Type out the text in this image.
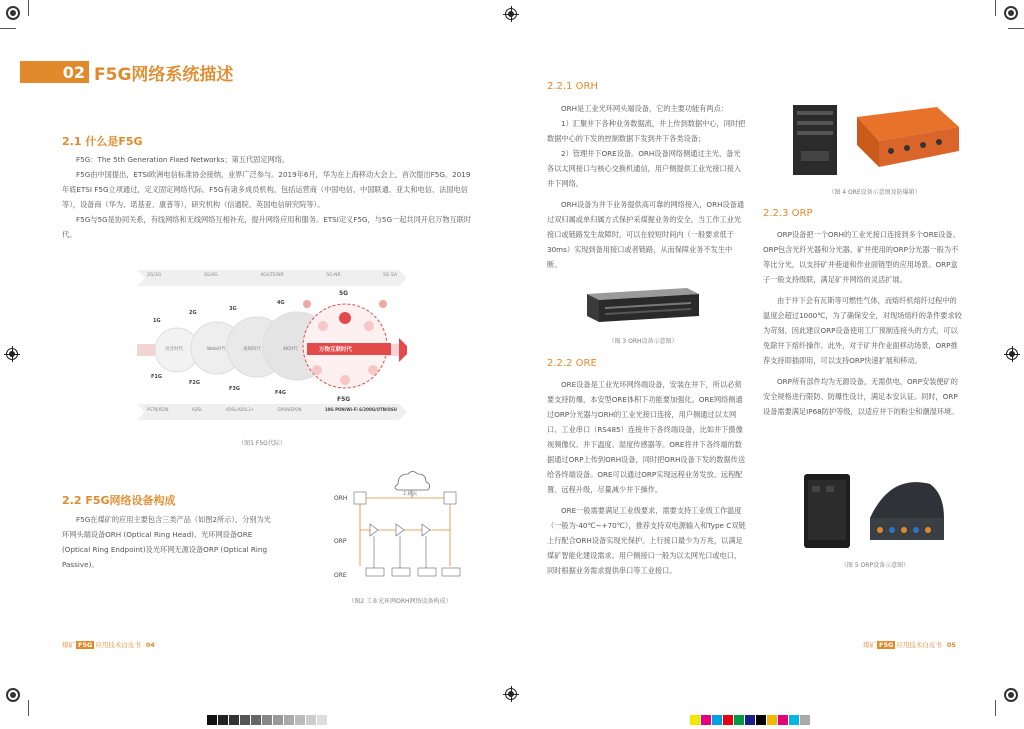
02 F5G网络系统描述
2.1 什么是F5G
F5G：The 5th Generation Fixed Networks；第五代固定网络。
F5G由中国提出，ETSI欧洲电信标准协会接纳，业界广泛参与。2019年6月，华为在上海移动大会上，首次提出F5G。2019年底ETSI F5G立项通过，定义固定网络代际。F5G有诸多成员机构，包括运营商（中国电信、中国联通、亚太和电信、法国电信等），设备商（华为、诺基亚、康普等），研究机构（信通院、英国电信研究院等）。
F5G与5G是协同关系，有线网络和无线网络互相补充，提升网络应用和服务。ETSI定义F5G，与5G一起共同开启万物互联时代。
2G/3G	3G/4G	4G/LTE/NR	5G-NR	5G SA
1G
2G
3G
4G
5G
F1G
F2G
F3G
F4G
F5G
语音时代	Web时代	视频时代	4K时代	万物互联时代
PSTN/ISDN	ADSL	VDSL/ADSL2+	GPON/EPON	10G PON/Wi-Fi 6/200G/OTN/OSU
（图1 F5G代际）
2.2 F5G网络设备构成
F5G在煤矿的应用主要包含三类产品（如图2所示），分别为光环网头端设备ORH (Optical Ring Head)、光环网设备ORE (Optical Ring Endpoint)及光环网无源设备ORP (Optical Ring Passive)。
工业云
ORH
ORP
ORE
（图2 工业光环网ORH网络设备构成）
煤矿 F5G 应用技术白皮书 04
2.2.1 ORH
ORH是工业光环网头端设备，它的主要功能有两点：
1）汇聚井下各种业务数据流，井上传到数据中心，同时把数据中心的下发的控制数据下发到井下各类设备；
2）管理井下ORE设备。ORH设备网络侧通过主光、备光各以太网接口与核心交换机通信，用户侧提供工业光接口接入井下网络。
ORH设备为井下业务提供高可靠的网络接入，ORH设备通过双归属或单归属方式保护采煤掘业务的安全，当工作工业光接口或链路发生故障时，可以在较短时间内（一般要求低于30ms）实现到备用接口或者链路，从而保障业务不发生中断。
（图 3 ORH设备示意图）
2.2.2 ORE
ORE设备是工业光环网终端设备，安装在井下，所以必须要支持防爆，本安型ORE体积下功能要加强化。ORE网络侧通过ORP分光器与ORH的工业光接口连接，用户侧通过以太网口、工业串口（RS485）连接井下各终端设备，比如井下摄像视频像仪、井下温度、湿度传感器等。ORE将井下各终端的数据通过ORP上传到ORH设备，同时把ORH设备下发的数据传送给各终端设备。ORE可以通过ORP实现远程业务发放、远程配置、远程升级，尽量减少井下操作。
ORE一般需要满足工业级要求，需要支持工业级工作温度（一般为-40℃~+70℃），推荐支持双电源输入和Type C双链上行配合ORH设备实现光保护。上行接口最少为万兆，以满足煤矿智能化建设需求。用户侧接口一般为以太网光口或电口，同时根据业务需求提供串口等工业接口。
（图 4 ORE设备示意图及防爆箱）
2.2.3 ORP
ORP设备把一个ORH的工业光接口连接到多个ORE设备。ORP包含光纤光器和分光器，矿井使用的ORP分光器一般为不等比分光，以支持矿井巷道和作业面链型的应用场景。ORP盒子一般支持级联，满足矿井网络的灵活扩展。
由于井下会有瓦斯等可燃性气体，而熔纤机熔纤过程中的温度会超过1000℃，为了确保安全，对现场熔纤的条件要求较为苛刻，因此建议ORP设备使用工厂预制连接头的方式，可以免除井下熔纤操作。此外，对于矿井作业面移动场景，ORP推荐支持即插即用，可以支持ORP快速扩展和移动。
ORP所有部件均为无源设备，无需供电，ORP安装便矿的安全规格进行限防、防爆性设计，满足本安认证。同时，ORP设备需要满足IP68防护等级，以适应井下的粉尘和潮湿环境。
（图 5 ORP设备示意图）
煤矿 F5G 应用技术白皮书 05
